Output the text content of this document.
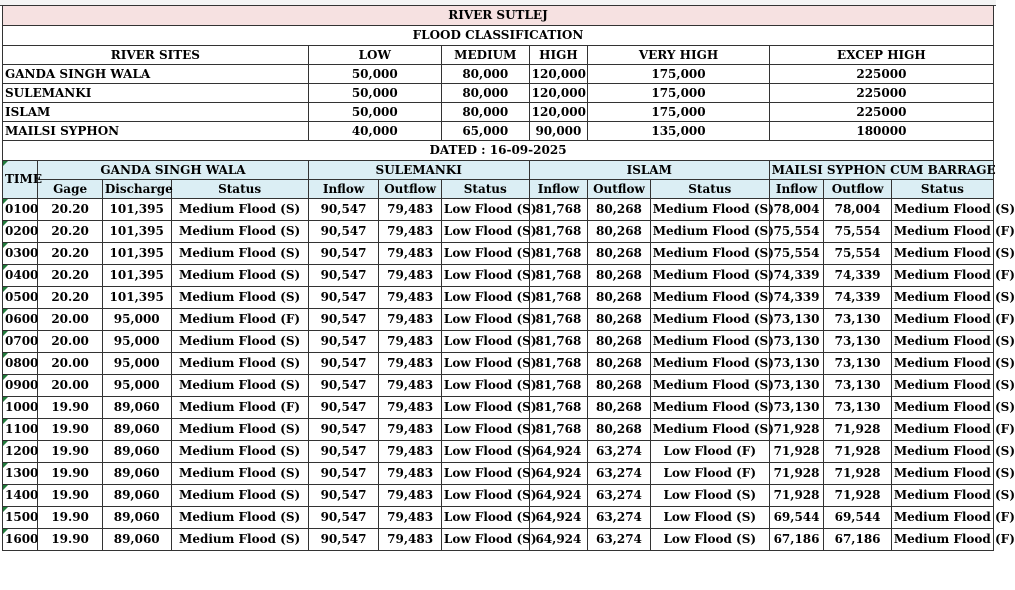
RIVER SUTLEJ												
FLOOD CLASSIFICATION												
RIVER SITES				LOW		MEDIUM	HIGH	VERY HIGH		EXCEP HIGH		
GANDA SINGH WALA				50,000		80,000	120,000	175,000		225000		
SULEMANKI				50,000		80,000	120,000	175,000		225000		
ISLAM				50,000		80,000	120,000	175,000		225000		
MAILSI SYPHON				40,000		65,000	90,000	135,000		180000		
DATED : 16-09-2025												
TIME	GANDA SINGH WALA			SULEMANKI			ISLAM			MAILSI SYPHON CUM BARRAGE		
	Gage	Discharge	Status	Inflow	Outflow	Status	Inflow	Outflow	Status	Inflow	Outflow	Status
0100	20.20	101,395	Medium Flood (S)	90,547	79,483	Low Flood (S)	81,768	80,268	Medium Flood (S)	78,004	78,004	Medium Flood (S)
0200	20.20	101,395	Medium Flood (S)	90,547	79,483	Low Flood (S)	81,768	80,268	Medium Flood (S)	75,554	75,554	Medium Flood (F)
0300	20.20	101,395	Medium Flood (S)	90,547	79,483	Low Flood (S)	81,768	80,268	Medium Flood (S)	75,554	75,554	Medium Flood (S)
0400	20.20	101,395	Medium Flood (S)	90,547	79,483	Low Flood (S)	81,768	80,268	Medium Flood (S)	74,339	74,339	Medium Flood (F)
0500	20.20	101,395	Medium Flood (S)	90,547	79,483	Low Flood (S)	81,768	80,268	Medium Flood (S)	74,339	74,339	Medium Flood (S)
0600	20.00	95,000	Medium Flood (F)	90,547	79,483	Low Flood (S)	81,768	80,268	Medium Flood (S)	73,130	73,130	Medium Flood (F)
0700	20.00	95,000	Medium Flood (S)	90,547	79,483	Low Flood (S)	81,768	80,268	Medium Flood (S)	73,130	73,130	Medium Flood (S)
0800	20.00	95,000	Medium Flood (S)	90,547	79,483	Low Flood (S)	81,768	80,268	Medium Flood (S)	73,130	73,130	Medium Flood (S)
0900	20.00	95,000	Medium Flood (S)	90,547	79,483	Low Flood (S)	81,768	80,268	Medium Flood (S)	73,130	73,130	Medium Flood (S)
1000	19.90	89,060	Medium Flood (F)	90,547	79,483	Low Flood (S)	81,768	80,268	Medium Flood (S)	73,130	73,130	Medium Flood (S)
1100	19.90	89,060	Medium Flood (S)	90,547	79,483	Low Flood (S)	81,768	80,268	Medium Flood (S)	71,928	71,928	Medium Flood (F)
1200	19.90	89,060	Medium Flood (S)	90,547	79,483	Low Flood (S)	64,924	63,274	Low Flood (F)	71,928	71,928	Medium Flood (S)
1300	19.90	89,060	Medium Flood (S)	90,547	79,483	Low Flood (S)	64,924	63,274	Low Flood (F)	71,928	71,928	Medium Flood (S)
1400	19.90	89,060	Medium Flood (S)	90,547	79,483	Low Flood (S)	64,924	63,274	Low Flood (S)	71,928	71,928	Medium Flood (S)
1500	19.90	89,060	Medium Flood (S)	90,547	79,483	Low Flood (S)	64,924	63,274	Low Flood (S)	69,544	69,544	Medium Flood (F)
1600	19.90	89,060	Medium Flood (S)	90,547	79,483	Low Flood (S)	64,924	63,274	Low Flood (S)	67,186	67,186	Medium Flood (F)
